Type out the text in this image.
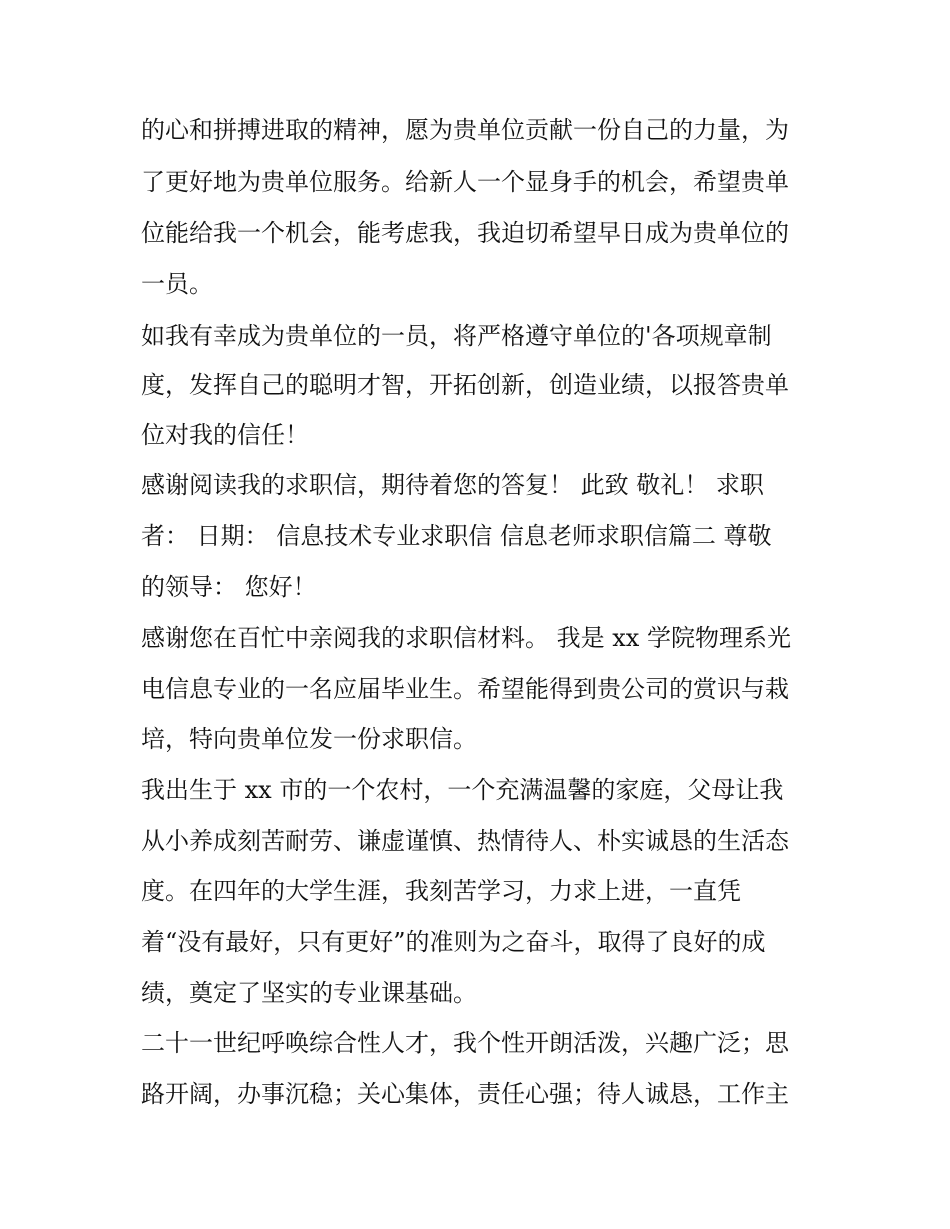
的心和拼搏进取的精神，愿为贵单位贡献一份自己的力量，为
了更好地为贵单位服务。给新人一个显身手的机会，希望贵单
位能给我一个机会，能考虑我，我迫切希望早日成为贵单位的
一员。
如我有幸成为贵单位的一员，将严格遵守单位的'各项规章制
度，发挥自己的聪明才智，开拓创新，创造业绩，以报答贵单
位对我的信任！
感谢阅读我的求职信，期待着您的答复！ 此致 敬礼！ 求职
者： 日期： 信息技术专业求职信 信息老师求职信篇二 尊敬
的领导： 您好！
感谢您在百忙中亲阅我的求职信材料。 我是 xx 学院物理系光
电信息专业的一名应届毕业生。希望能得到贵公司的赏识与栽
培，特向贵单位发一份求职信。
我出生于 xx 市的一个农村，一个充满温馨的家庭，父母让我
从小养成刻苦耐劳、谦虚谨慎、热情待人、朴实诚恳的生活态
度。在四年的大学生涯，我刻苦学习，力求上进，一直凭
着“没有最好，只有更好”的准则为之奋斗，取得了良好的成
绩，奠定了坚实的专业课基础。
二十一世纪呼唤综合性人才，我个性开朗活泼，兴趣广泛；思
路开阔，办事沉稳；关心集体，责任心强；待人诚恳，工作主
